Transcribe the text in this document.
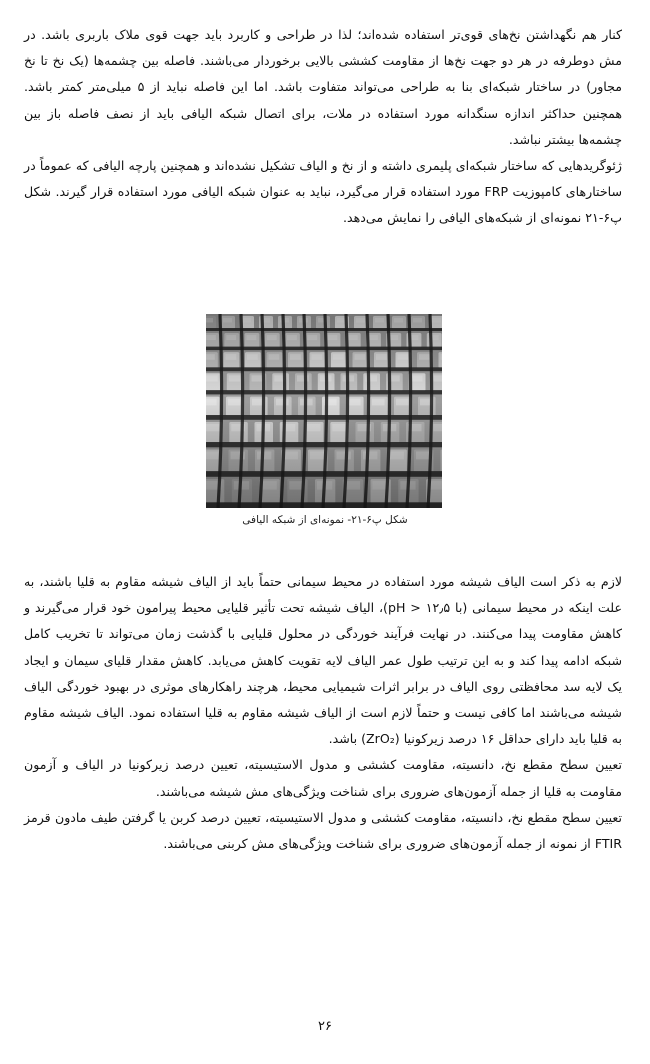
کنار هم نگهداشتن نخ‌های قوی‌تر استفاده شده‌اند؛ لذا در طراحی و کاربرد باید جهت قوی ملاک باربری باشد. در مش دوطرفه در هر دو جهت نخ‌ها از مقاومت کششی بالایی برخوردار می‌باشند. فاصله بین چشمه‌ها (یک نخ تا نخ مجاور) در ساختار شبکه‌ای بنا به طراحی می‌تواند متفاوت باشد. اما این فاصله نباید از ۵ میلی‌متر کمتر باشد. همچنین حداکثر اندازه سنگدانه مورد استفاده در ملات، برای اتصال شبکه الیافی باید از نصف فاصله باز بین چشمه‌ها بیشتر نباشد.

ژئوگریدهایی که ساختار شبکه‌ای پلیمری داشته و از نخ و الیاف تشکیل نشده‌اند و همچنین پارچه الیافی که عموماً در ساختارهای کامپوزیت FRP مورد استفاده قرار می‌گیرد، نباید به عنوان شبکه الیافی مورد استفاده قرار گیرند. شکل پ۶-۲۱ نمونه‌ای از شبکه‌های الیافی را نمایش می‌دهد.

شکل پ۶-۲۱- نمونه‌ای از شبکه الیافی

لازم به ذکر است الیاف شیشه مورد استفاده در محیط سیمانی حتماً باید از الیاف شیشه مقاوم به قلیا باشند، به علت اینکه در محیط سیمانی (با pH > ۱۲٫۵)، الیاف شیشه تحت تأثیر قلیایی محیط پیرامون خود قرار می‌گیرند و کاهش مقاومت پیدا می‌کنند. در نهایت فرآیند خوردگی در محلول قلیایی با گذشت زمان می‌تواند تا تخریب کامل شبکه ادامه پیدا کند و به این ترتیب طول عمر الیاف لایه تقویت کاهش می‌یابد. کاهش مقدار قلیای سیمان و ایجاد یک لایه سد محافظتی روی الیاف در برابر اثرات شیمیایی محیط، هرچند راهکارهای موثری در بهبود خوردگی الیاف شیشه می‌باشند اما کافی نیست و حتماً لازم است از الیاف شیشه مقاوم به قلیا استفاده نمود. الیاف شیشه مقاوم به قلیا باید دارای حداقل ۱۶ درصد زیرکونیا (ZrO₂) باشد.

تعیین سطح مقطع نخ، دانسیته، مقاومت کششی و مدول الاستیسیته، تعیین درصد زیرکونیا در الیاف و آزمون مقاومت به قلیا از جمله آزمون‌های ضروری برای شناخت ویژگی‌های مش شیشه می‌باشند.

تعیین سطح مقطع نخ، دانسیته، مقاومت کششی و مدول الاستیسیته، تعیین درصد کربن یا گرفتن طیف مادون قرمز FTIR از نمونه از جمله آزمون‌های ضروری برای شناخت ویژگی‌های مش کربنی می‌باشند.

۲۶
